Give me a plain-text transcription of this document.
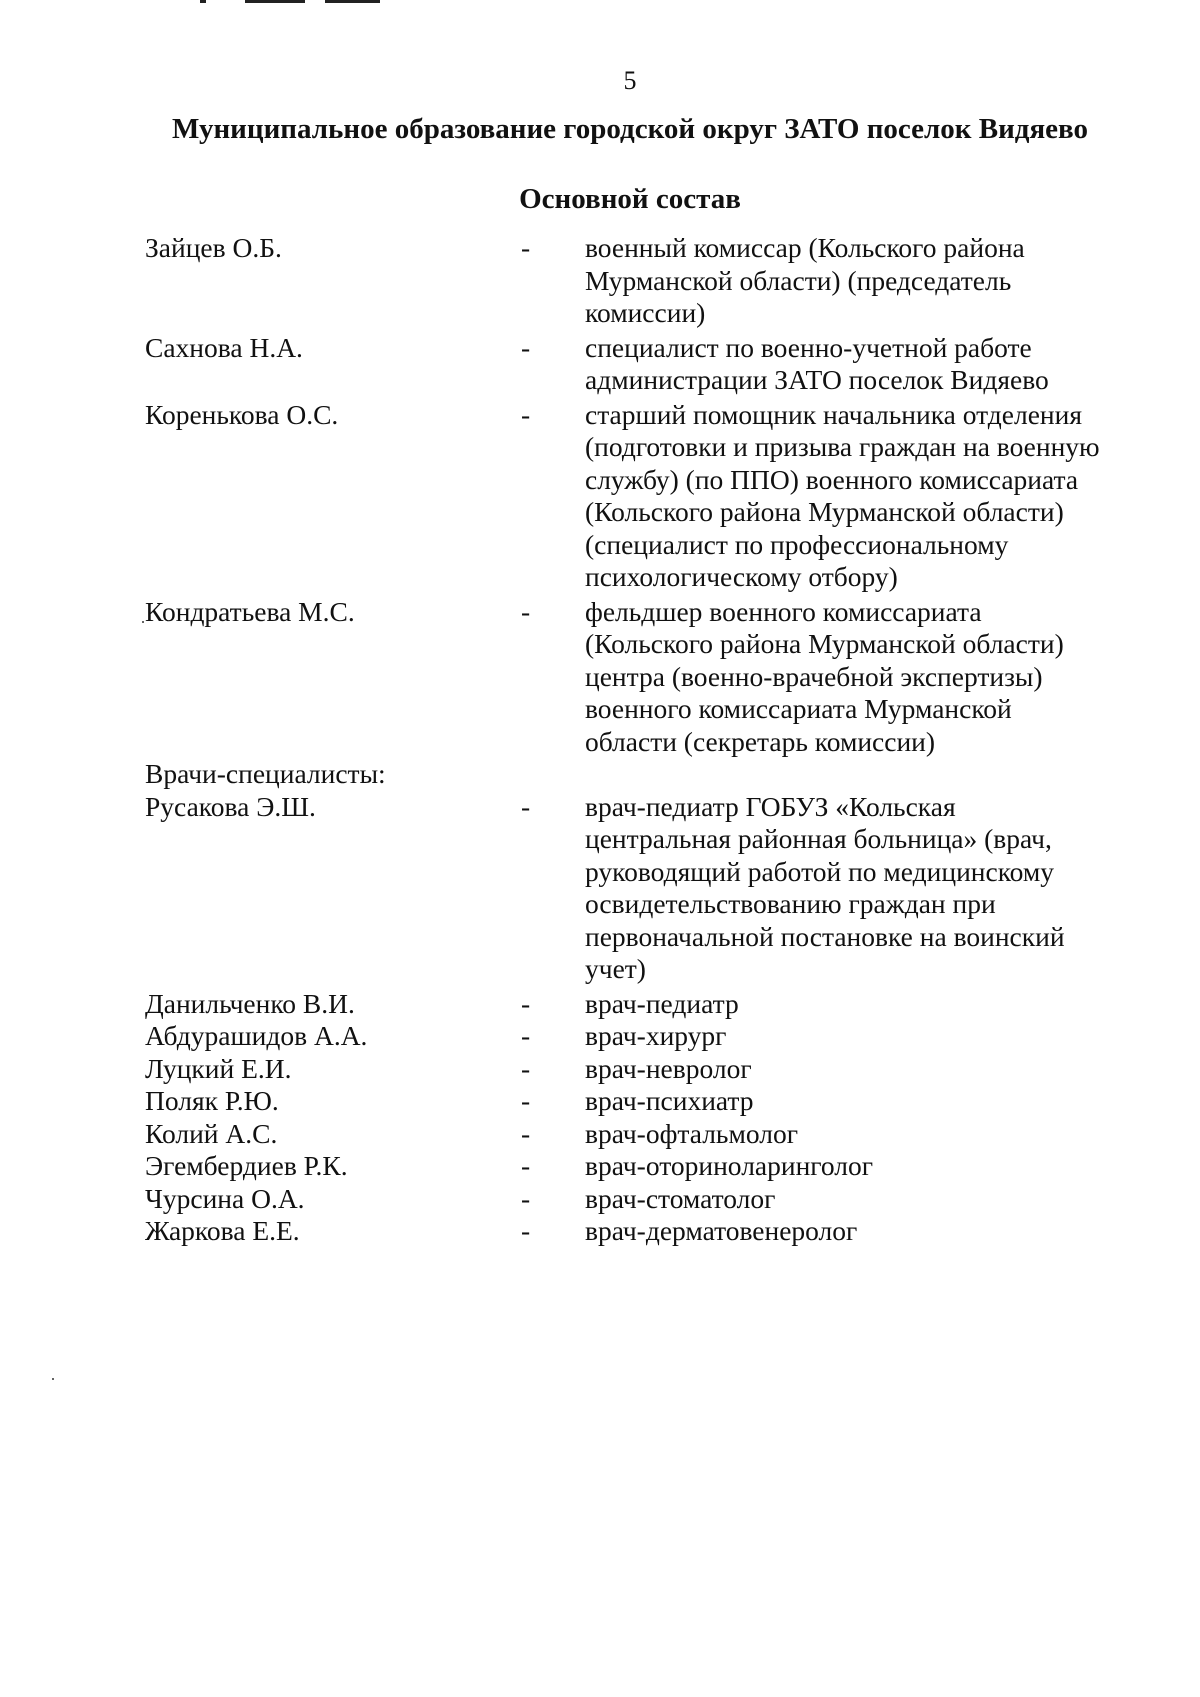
5
Муниципальное образование городской округ ЗАТО поселок Видяево
Основной состав
Зайцев О.Б.	- военный комиссар (Кольского района Мурманской области) (председатель комиссии)
Сахнова Н.А.	- специалист по военно-учетной работе администрации ЗАТО поселок Видяево
Коренькова О.С.	- старший помощник начальника отделения (подготовки и призыва граждан на военную службу) (по ППО) военного комиссариата (Кольского района Мурманской области) (специалист по профессиональному психологическому отбору)
Кондратьева М.С.	- фельдшер военного комиссариата (Кольского района Мурманской области) центра (военно-врачебной экспертизы) военного комиссариата Мурманской области (секретарь комиссии)
Врачи-специалисты:
Русакова Э.Ш.	- врач-педиатр ГОБУЗ «Кольская центральная районная больница» (врач, руководящий работой по медицинскому освидетельствованию граждан при первоначальной постановке на воинский учет)
Данильченко В.И.	- врач-педиатр
Абдурашидов А.А.	- врач-хирург
Луцкий Е.И.	- врач-невролог
Поляк Р.Ю.	- врач-психиатр
Колий А.С.	- врач-офтальмолог
Эгембердиев Р.К.	- врач-оториноларинголог
Чурсина О.А.	- врач-стоматолог
Жаркова Е.Е.	- врач-дерматовенеролог
